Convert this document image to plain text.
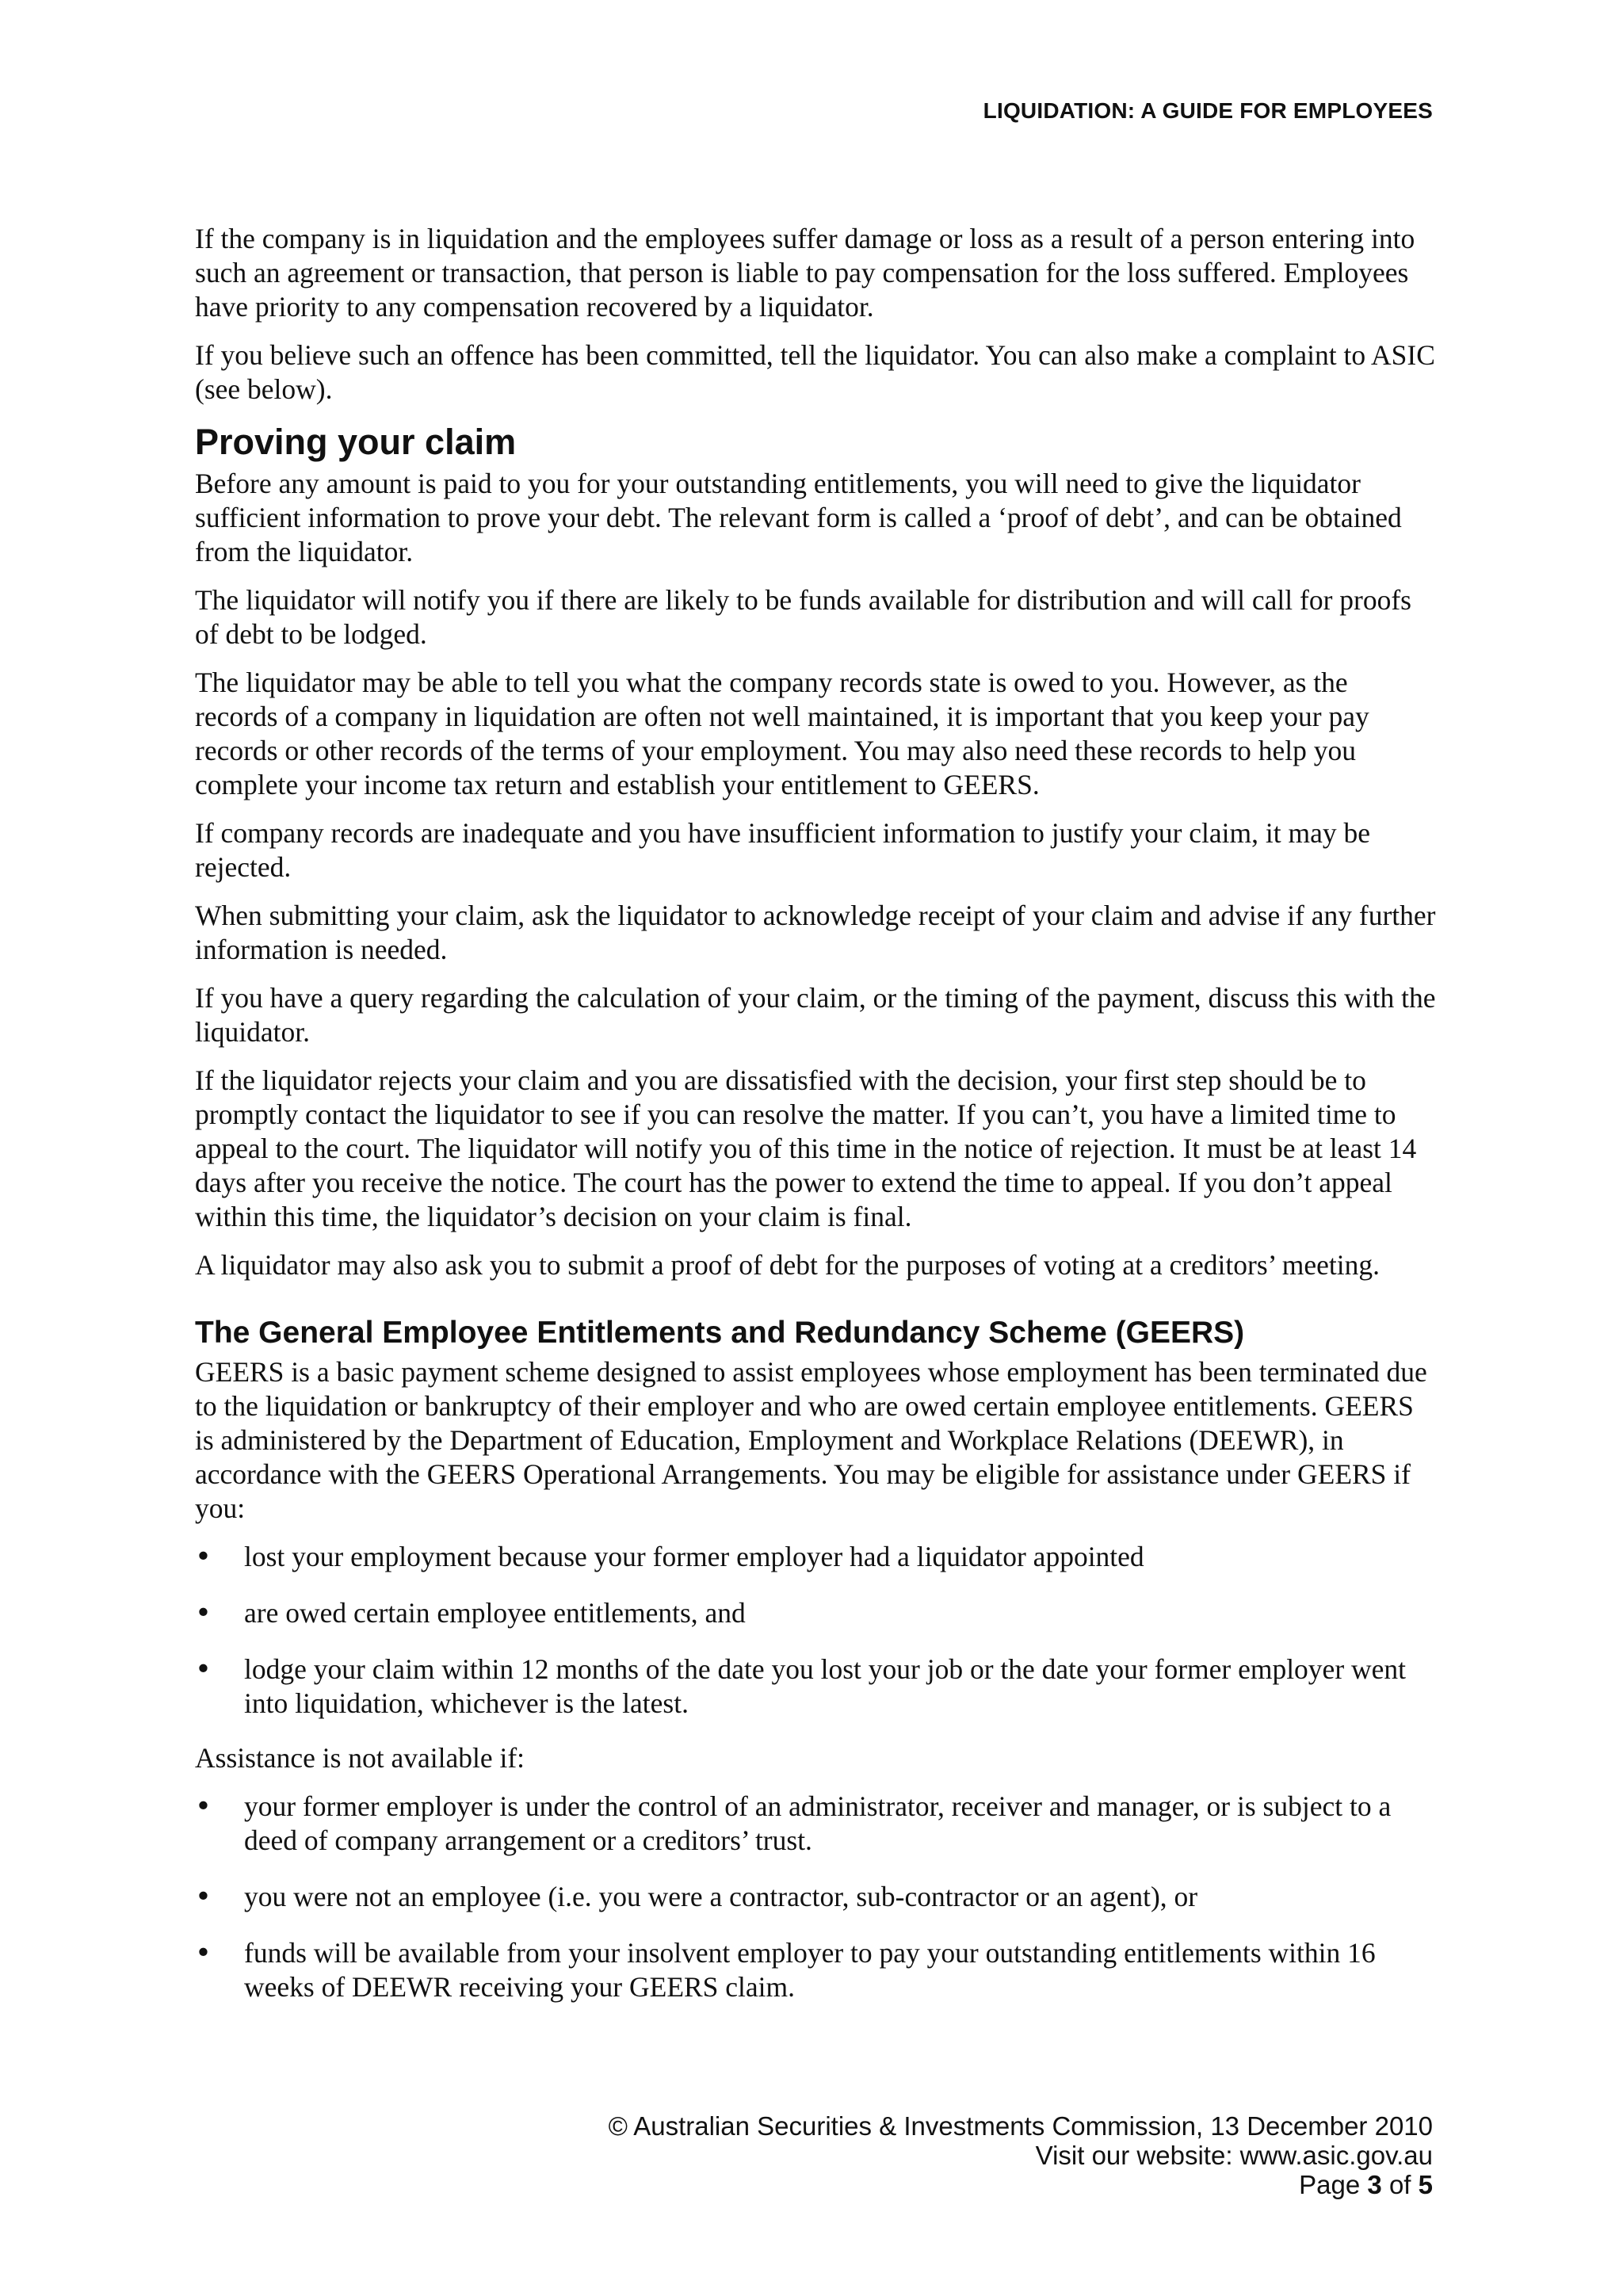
LIQUIDATION: A GUIDE FOR EMPLOYEES

If the company is in liquidation and the employees suffer damage or loss as a result of a person entering into such an agreement or transaction, that person is liable to pay compensation for the loss suffered. Employees have priority to any compensation recovered by a liquidator.

If you believe such an offence has been committed, tell the liquidator. You can also make a complaint to ASIC (see below).

Proving your claim

Before any amount is paid to you for your outstanding entitlements, you will need to give the liquidator sufficient information to prove your debt. The relevant form is called a ‘proof of debt’, and can be obtained from the liquidator.

The liquidator will notify you if there are likely to be funds available for distribution and will call for proofs of debt to be lodged.

The liquidator may be able to tell you what the company records state is owed to you. However, as the records of a company in liquidation are often not well maintained, it is important that you keep your pay records or other records of the terms of your employment. You may also need these records to help you complete your income tax return and establish your entitlement to GEERS.

If company records are inadequate and you have insufficient information to justify your claim, it may be rejected.

When submitting your claim, ask the liquidator to acknowledge receipt of your claim and advise if any further information is needed.

If you have a query regarding the calculation of your claim, or the timing of the payment, discuss this with the liquidator.

If the liquidator rejects your claim and you are dissatisfied with the decision, your first step should be to promptly contact the liquidator to see if you can resolve the matter. If you can’t, you have a limited time to appeal to the court. The liquidator will notify you of this time in the notice of rejection. It must be at least 14 days after you receive the notice. The court has the power to extend the time to appeal. If you don’t appeal within this time, the liquidator’s decision on your claim is final.

A liquidator may also ask you to submit a proof of debt for the purposes of voting at a creditors’ meeting.

The General Employee Entitlements and Redundancy Scheme (GEERS)

GEERS is a basic payment scheme designed to assist employees whose employment has been terminated due to the liquidation or bankruptcy of their employer and who are owed certain employee entitlements. GEERS is administered by the Department of Education, Employment and Workplace Relations (DEEWR), in accordance with the GEERS Operational Arrangements. You may be eligible for assistance under GEERS if you:

• lost your employment because your former employer had a liquidator appointed
• are owed certain employee entitlements, and
• lodge your claim within 12 months of the date you lost your job or the date your former employer went into liquidation, whichever is the latest.

Assistance is not available if:

• your former employer is under the control of an administrator, receiver and manager, or is subject to a deed of company arrangement or a creditors’ trust.
• you were not an employee (i.e. you were a contractor, sub-contractor or an agent), or
• funds will be available from your insolvent employer to pay your outstanding entitlements within 16 weeks of DEEWR receiving your GEERS claim.
© Australian Securities & Investments Commission, 13 December 2010
Visit our website: www.asic.gov.au
Page 3 of 5
